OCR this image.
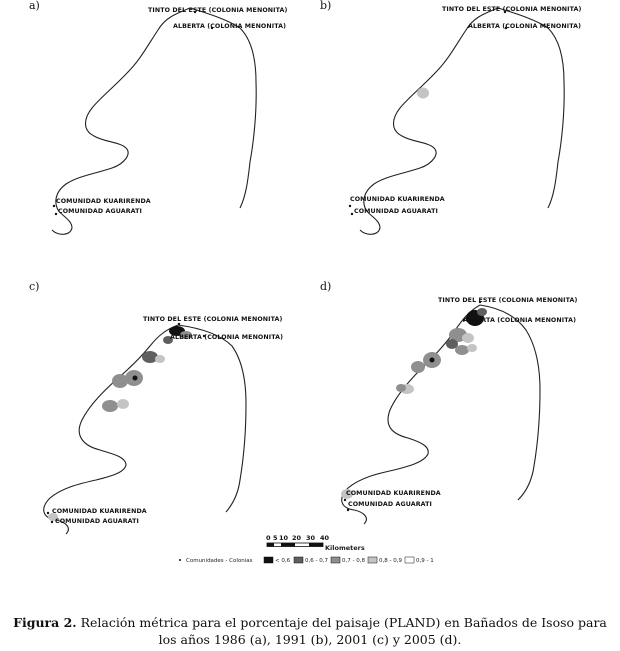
a)	TINTO DEL ESTE (COLONIA MENONITA)
ALBERTA (COLONIA MENONITA)
COMUNIDAD KUARIRENDA
COMUNIDAD AGUARATI
b)	TINTO DEL ESTE (COLONIA MENONITA)
ALBERTA (COLONIA MENONITA)
COMUNIDAD KUARIRENDA
COMUNIDAD AGUARATI
c)
TINTO DEL ESTE (COLONIA MENONITA)
ALBERTA (COLONIA MENONITA)
COMUNIDAD KUARIRENDA
COMUNIDAD AGUARATI
d)
TINTO DEL ESTE (COLONIA MENONITA)
ALBERTA (COLONIA MENONITA)
COMUNIDAD KUARIRENDA
COMUNIDAD AGUARATI
0 5 10 20 30 40
Kilometers
Comunidades - Colonias	< 0,6	0,6 - 0,7	0,7 - 0,8	0,8 - 0,9	0,9 - 1
Figura 2. Relación métrica para el porcentaje del paisaje (PLAND) en Bañados de Isoso para
los años 1986 (a), 1991 (b), 2001 (c) y 2005 (d).
